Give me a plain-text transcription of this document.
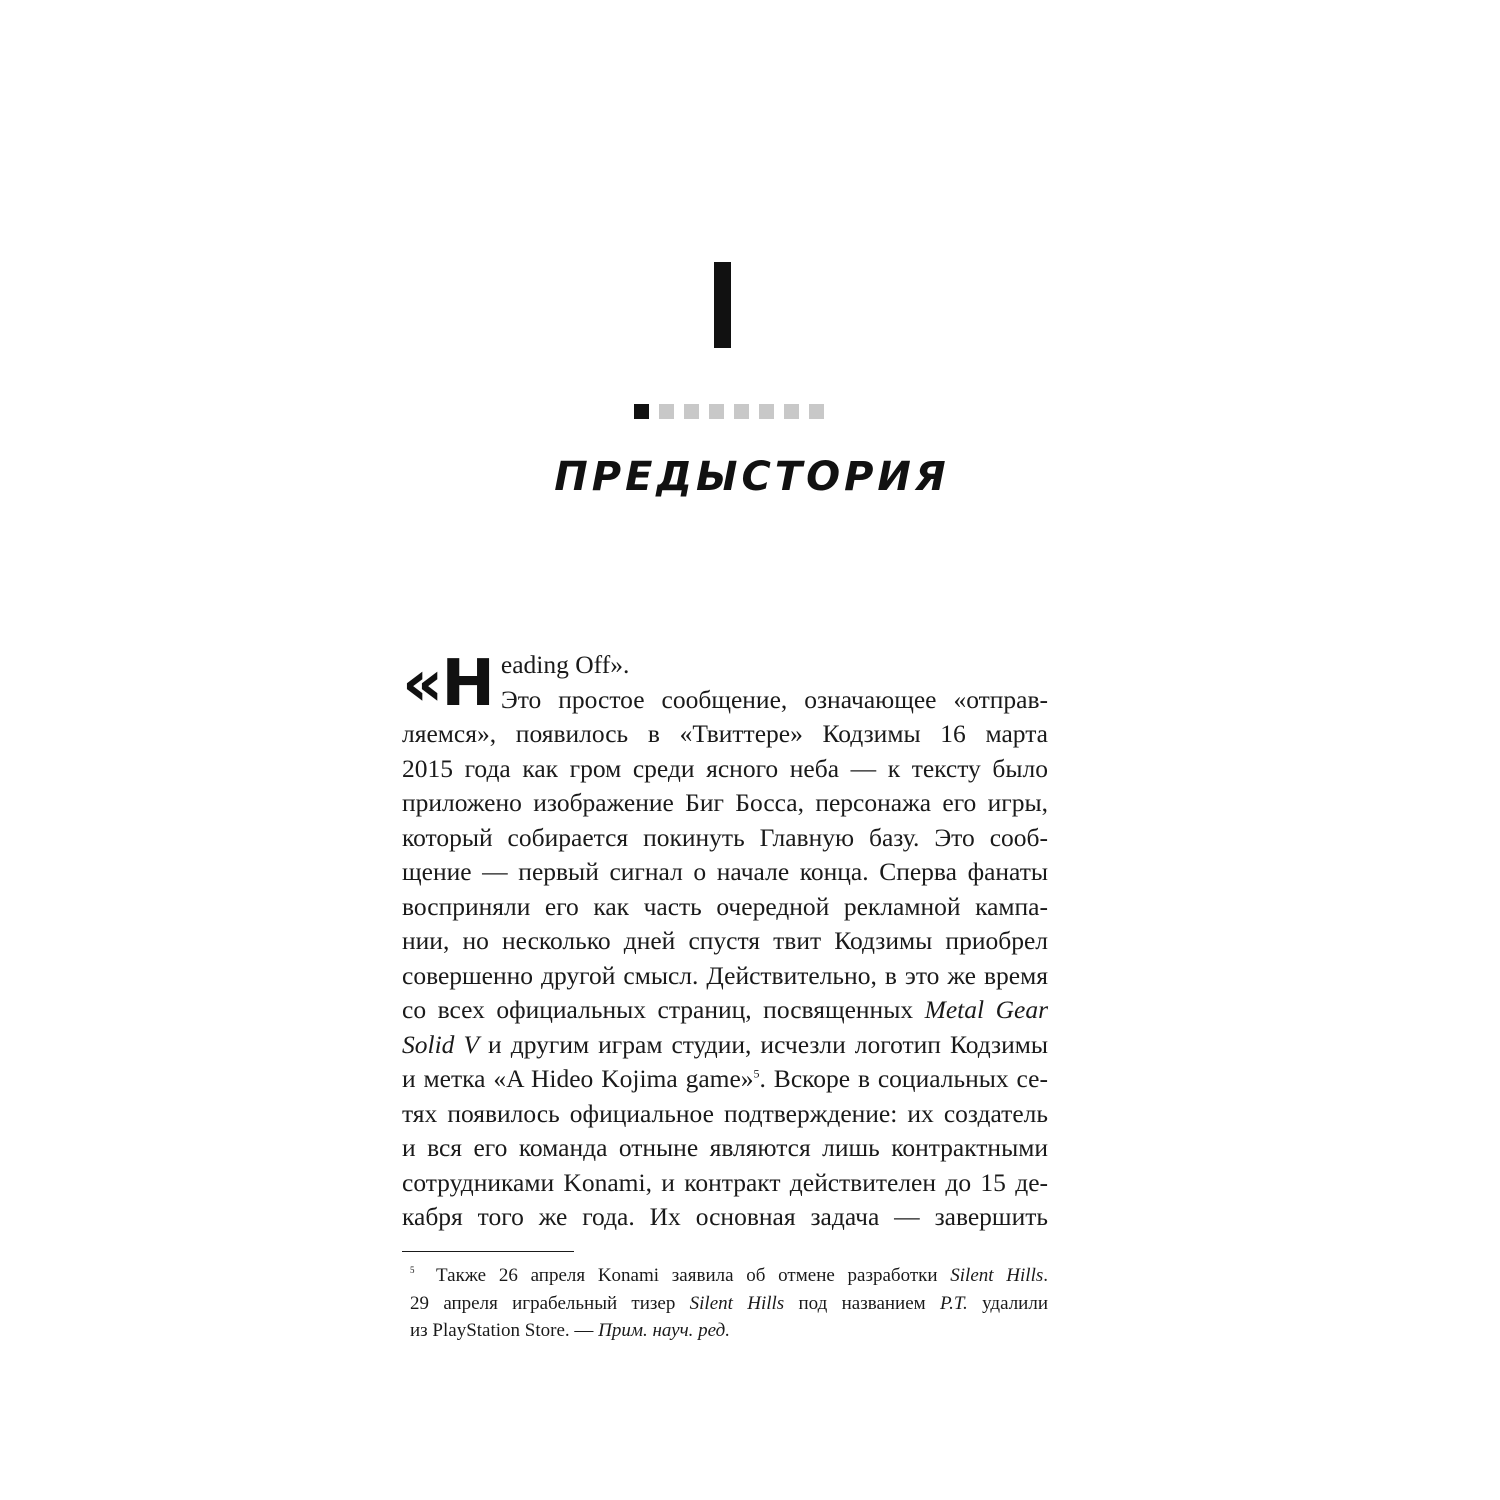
ПРЕДЫСТОРИЯ
«H eading Off».
Это простое сообщение, означающее «отправ-
ляемся», появилось в «Твиттере» Кодзимы 16 марта
2015 года как гром среди ясного неба — к тексту было
приложено изображение Биг Босса, персонажа его игры,
который собирается покинуть Главную базу. Это сооб-
щение — первый сигнал о начале конца. Сперва фанаты
восприняли его как часть очередной рекламной кампа-
нии, но несколько дней спустя твит Кодзимы приобрел
совершенно другой смысл. Действительно, в это же время
со всех официальных страниц, посвященных Metal Gear
Solid V и другим играм студии, исчезли логотип Кодзимы
и метка «A Hideo Kojima game»$^5$. Вскоре в социальных се-
тях появилось официальное подтверждение: их создатель
и вся его команда отныне являются лишь контрактными
сотрудниками Konami, и контракт действителен до 15 де-
кабря того же года. Их основная задача — завершить
5	Также 26 апреля Konami заявила об отмене разработки Silent Hills.
29 апреля играбельный тизер Silent Hills под названием P.T. удалили
из PlayStation Store. — Прим. науч. ред.
